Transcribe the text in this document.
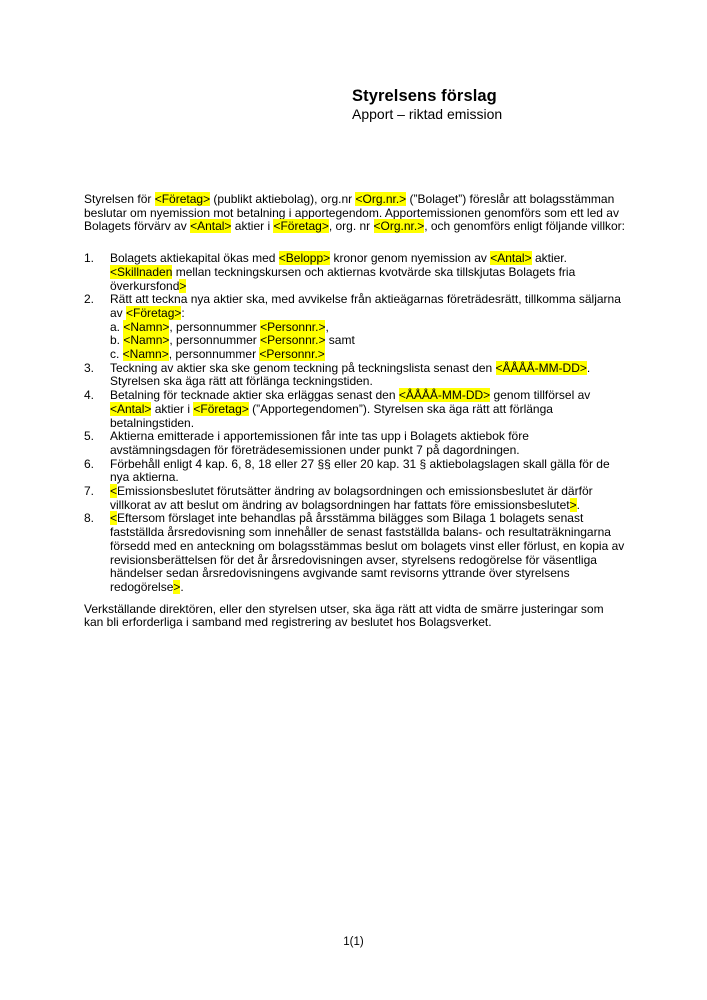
Styrelsens förslag
Apport – riktad emission

Styrelsen för <Företag> (publikt aktiebolag), org.nr <Org.nr.> (”Bolaget”) föreslår att bolagsstämman beslutar om nyemission mot betalning i apportegendom. Apportemissionen genomförs som ett led av Bolagets förvärv av <Antal> aktier i <Företag>, org. nr <Org.nr.>, och genomförs enligt följande villkor:

1.	Bolagets aktiekapital ökas med <Belopp> kronor genom nyemission av <Antal> aktier.
<Skillnaden mellan teckningskursen och aktiernas kvotvärde ska tillskjutas Bolagets fria överkursfond>
2.	Rätt att teckna nya aktier ska, med avvikelse från aktieägarnas företrädesrätt, tillkomma säljarna av <Företag>:
a. <Namn>, personnummer <Personnr.>,
b. <Namn>, personnummer <Personnr.> samt
c. <Namn>, personnummer <Personnr.>
3.	Teckning av aktier ska ske genom teckning på teckningslista senast den <ÅÅÅÅ-MM-DD>. Styrelsen ska äga rätt att förlänga teckningstiden.
4.	Betalning för tecknade aktier ska erläggas senast den <ÅÅÅÅ-MM-DD> genom tillförsel av <Antal> aktier i <Företag> (”Apportegendomen”). Styrelsen ska äga rätt att förlänga betalningstiden.
5.	Aktierna emitterade i apportemissionen får inte tas upp i Bolagets aktiebok före avstämningsdagen för företrädesemissionen under punkt 7 på dagordningen.
6.	Förbehåll enligt 4 kap. 6, 8, 18 eller 27 §§ eller 20 kap. 31 § aktiebolagslagen skall gälla för de nya aktierna.
7.	<Emissionsbeslutet förutsätter ändring av bolagsordningen och emissionsbeslutet är därför villkorat av att beslut om ändring av bolagsordningen har fattats före emissionsbeslutet>.
8.	<Eftersom förslaget inte behandlas på årsstämma bilägges som Bilaga 1 bolagets senast fastställda årsredovisning som innehåller de senast fastställda balans- och resultaträkningarna försedd med en anteckning om bolagsstämmas beslut om bolagets vinst eller förlust, en kopia av revisionsberättelsen för det år årsredovisningen avser, styrelsens redogörelse för väsentliga händelser sedan årsredovisningens avgivande samt revisorns yttrande över styrelsens redogörelse>.

Verkställande direktören, eller den styrelsen utser, ska äga rätt att vidta de smärre justeringar som kan bli erforderliga i samband med registrering av beslutet hos Bolagsverket.

1(1)
